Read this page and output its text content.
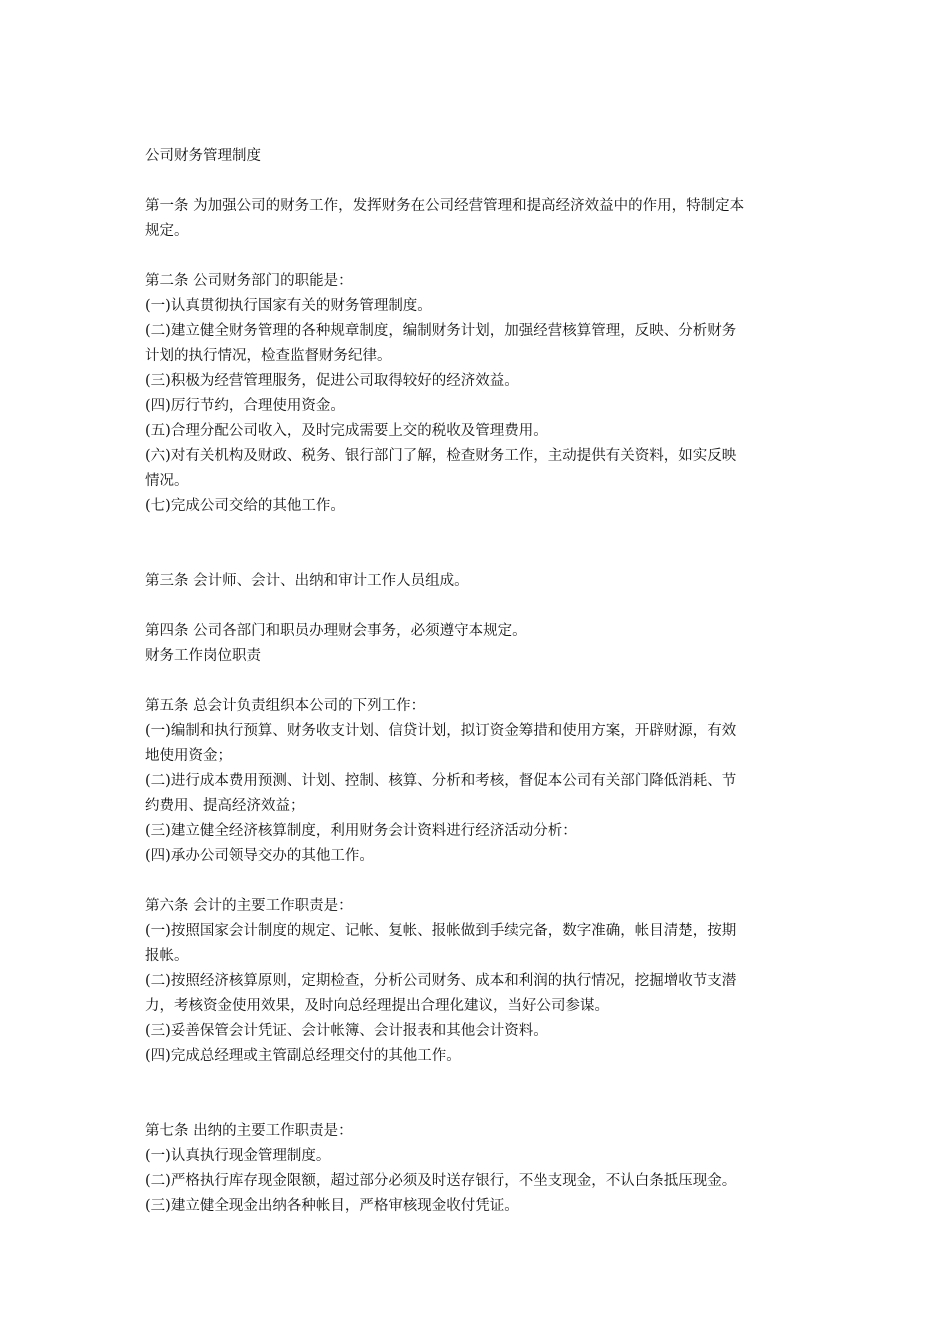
公司财务管理制度
第一条 为加强公司的财务工作，发挥财务在公司经营管理和提高经济效益中的作用，特制定本
规定。
第二条 公司财务部门的职能是：
(一)认真贯彻执行国家有关的财务管理制度。
(二)建立健全财务管理的各种规章制度，编制财务计划，加强经营核算管理，反映、分析财务
计划的执行情况，检查监督财务纪律。
(三)积极为经营管理服务，促进公司取得较好的经济效益。
(四)厉行节约，合理使用资金。
(五)合理分配公司收入，及时完成需要上交的税收及管理费用。
(六)对有关机构及财政、税务、银行部门了解，检查财务工作，主动提供有关资料，如实反映
情况。
(七)完成公司交给的其他工作。
第三条 会计师、会计、出纳和审计工作人员组成。
第四条 公司各部门和职员办理财会事务，必须遵守本规定。
财务工作岗位职责
第五条 总会计负责组织本公司的下列工作：
(一)编制和执行预算、财务收支计划、信贷计划，拟订资金筹措和使用方案，开辟财源，有效
地使用资金；
(二)进行成本费用预测、计划、控制、核算、分析和考核，督促本公司有关部门降低消耗、节
约费用、提高经济效益；
(三)建立健全经济核算制度，利用财务会计资料进行经济活动分析：
(四)承办公司领导交办的其他工作。
第六条 会计的主要工作职责是：
(一)按照国家会计制度的规定、记帐、复帐、报帐做到手续完备，数字准确，帐目清楚，按期
报帐。
(二)按照经济核算原则，定期检查，分析公司财务、成本和利润的执行情况，挖掘增收节支潜
力，考核资金使用效果，及时向总经理提出合理化建议，当好公司参谋。
(三)妥善保管会计凭证、会计帐簿、会计报表和其他会计资料。
(四)完成总经理或主管副总经理交付的其他工作。
第七条 出纳的主要工作职责是：
(一)认真执行现金管理制度。
(二)严格执行库存现金限额，超过部分必须及时送存银行，不坐支现金，不认白条抵压现金。
(三)建立健全现金出纳各种帐目，严格审核现金收付凭证。
